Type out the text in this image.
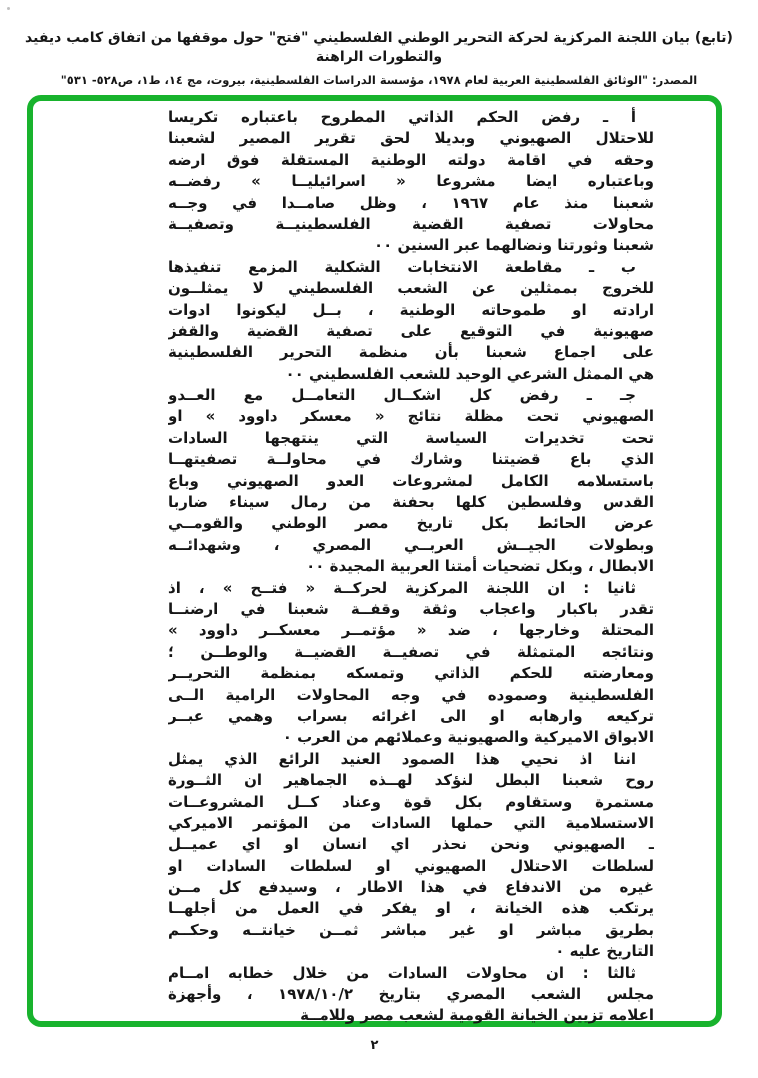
(تابع) بيان اللجنة المركزية لحركة التحرير الوطني الفلسطيني "فتح" حول موقفها من اتفاق كامب ديفيد والتطورات الراهنة
المصدر: "الوثائق الفلسطينية العربية لعام ١٩٧٨، مؤسسة الدراسات الفلسطينية، بيروت، مج ١٤، ط١، ص٥٢٨- ٥٣١"
أ ـ رفض الحكم الذاتي المطروح باعتباره تكريسا
للاحتلال الصهيوني وبديلا لحق تقرير المصير لشعبنا
وحقه في اقامة دولته الوطنية المستقلة فوق ارضه
وباعتباره ايضا مشروعا « اسرائيليــا » رفضــه
شعبنا منذ عام ١٩٦٧ ، وظل صامــدا في وجــه
محاولات تصفية القضية الفلسطينيــة وتصفيــة
شعبنا وثورتنا ونضالهما عبر السنين ٠٠
ب ـ مقاطعة الانتخابات الشكلية المزمع تنفيذها
للخروج بممثلين عن الشعب الفلسطيني لا يمثلــون
ارادته او طموحاته الوطنية ، بــل ليكونوا ادوات
صهيونية في التوقيع على تصفية القضية والقفز
على اجماع شعبنا بأن منظمة التحرير الفلسطينية
هي الممثل الشرعي الوحيد للشعب الفلسطيني ٠٠
جـ ـ رفض كل اشكــال التعامــل مع العــدو
الصهيوني تحت مظلة نتائج « معسكر داوود » او
تحت تخديرات السياسة التي ينتهجها السادات
الذي باع قضيتنا وشارك في محاولــة تصفيتهــا
باستسلامه الكامل لمشروعات العدو الصهيوني وباع
القدس وفلسطين كلها بحفنة من رمال سيناء ضاربا
عرض الحائط بكل تاريخ مصر الوطني والقومــي
وبطولات الجيــش العربــي المصري ، وشهدائــه
الابطال ، وبكل تضحيات أمتنا العربية المجيدة ٠٠
ثانيا : ان اللجنة المركزية لحركــة « فتــح » ، اذ
تقدر باكبار واعجاب وثقة وقفــة شعبنا في ارضنــا
المحتلة وخارجها ، ضد « مؤتمــر معسكــر داوود »
ونتائجه المتمثلة في تصفيــة القضيــة والوطــن ؛
ومعارضته للحكم الذاتي وتمسكه بمنظمة التحريــر
الفلسطينية وصموده في وجه المحاولات الرامية الــى
تركيعه وارهابه او الى اغرائه بسراب وهمي عبــر
الابواق الاميركية والصهيونية وعملائهم من العرب ٠
اننا اذ نحيي هذا الصمود العنيد الرائع الذي يمثل
روح شعبنا البطل لنؤكد لهــذه الجماهير ان الثــورة
مستمرة وستقاوم بكل قوة وعناد كــل المشروعــات
الاستسلامية التي حملها السادات من المؤتمر الاميركي
ـ الصهيوني ونحن نحذر اي انسان او اي عميــل
لسلطات الاحتلال الصهيوني او لسلطات السادات او
غيره من الاندفاع في هذا الاطار ، وسيدفع كل مــن
يرتكب هذه الخيانة ، او يفكر في العمل من أجلهــا
بطريق مباشر او غير مباشر ثمــن خيانتــه وحكــم
التاريخ عليه ٠
ثالثا : ان محاولات السادات من خلال خطابه امــام
مجلس الشعب المصري بتاريخ ١٩٧٨/١٠/٢ ، وأجهزة
اعلامه تزيين الخيانة القومية لشعب مصر وللامــة
٢
